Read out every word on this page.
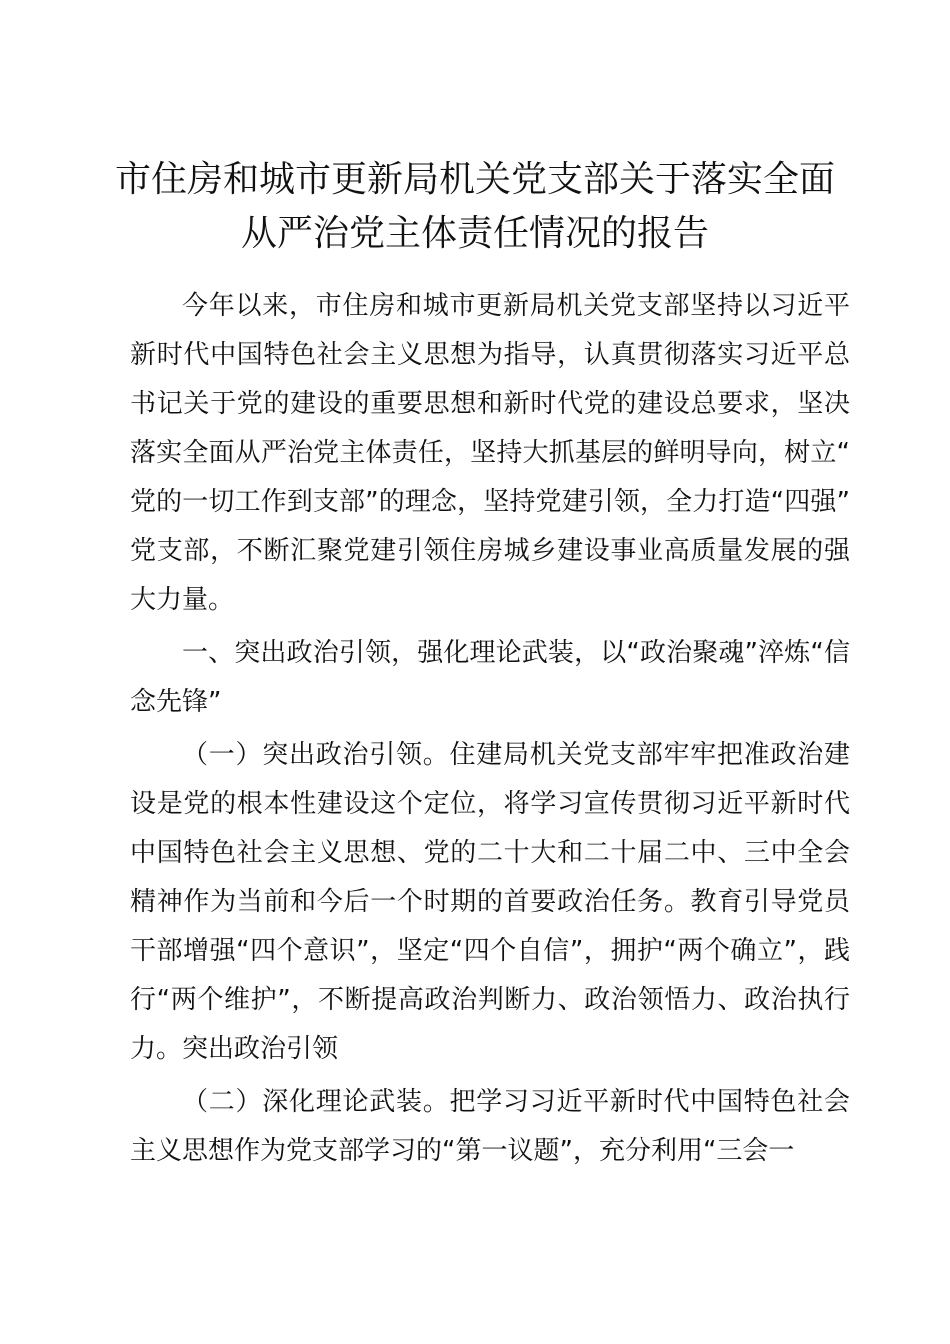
市住房和城市更新局机关党支部关于落实全面
从严治党主体责任情况的报告

今年以来，市住房和城市更新局机关党支部坚持以习近平新时代中国特色社会主义思想为指导，认真贯彻落实习近平总书记关于党的建设的重要思想和新时代党的建设总要求，坚决落实全面从严治党主体责任，坚持大抓基层的鲜明导向，树立“党的一切工作到支部”的理念，坚持党建引领，全力打造“四强”党支部，不断汇聚党建引领住房城乡建设事业高质量发展的强大力量。

一、突出政治引领，强化理论武装，以“政治聚魂”淬炼“信念先锋”

（一）突出政治引领。住建局机关党支部牢牢把准政治建设是党的根本性建设这个定位，将学习宣传贯彻习近平新时代中国特色社会主义思想、党的二十大和二十届二中、三中全会精神作为当前和今后一个时期的首要政治任务。教育引导党员干部增强“四个意识”，坚定“四个自信”，拥护“两个确立”，践行“两个维护”，不断提高政治判断力、政治领悟力、政治执行力。突出政治引领

（二）深化理论武装。把学习习近平新时代中国特色社会主义思想作为党支部学习的“第一议题”，充分利用“三会一
